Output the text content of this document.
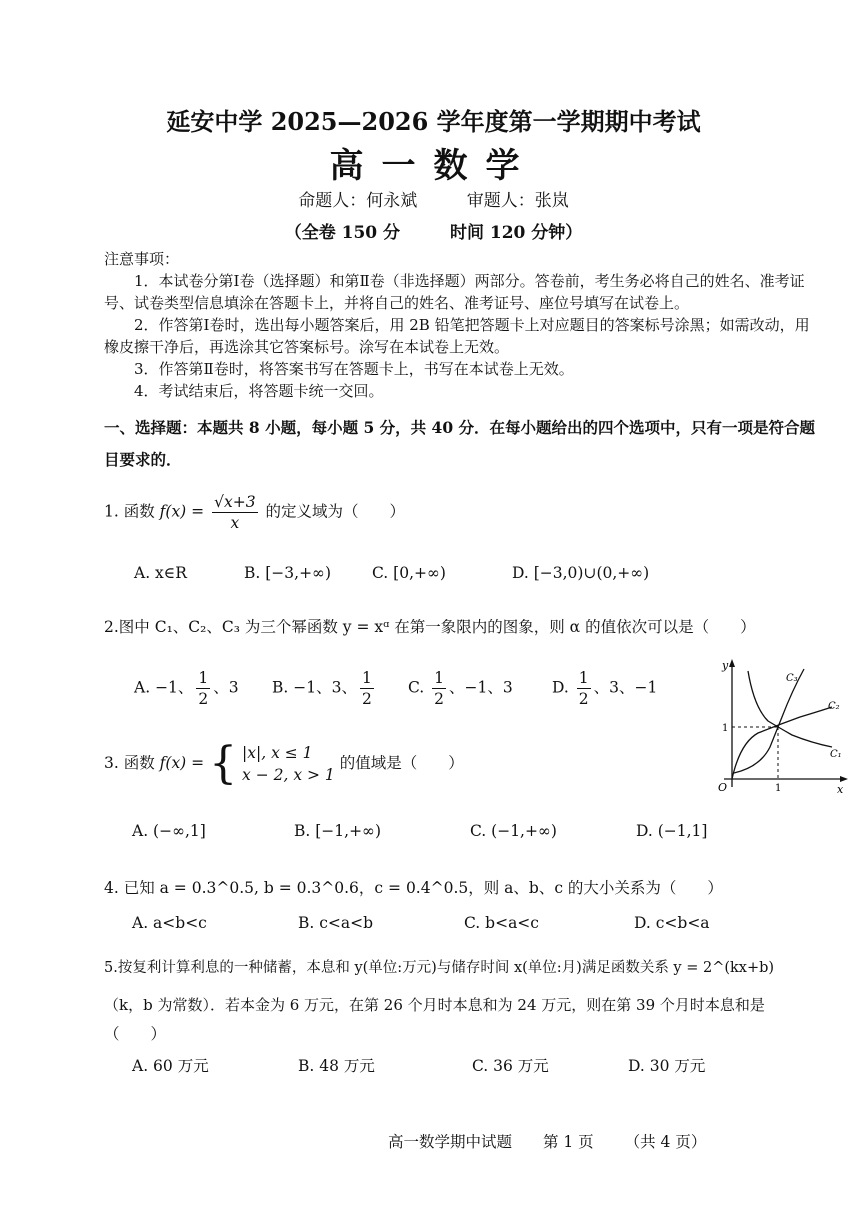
延安中学 2025—2026 学年度第一学期期中考试
高一数学
命题人：何永斌	审题人：张岚
（全卷 150 分	时间 120 分钟）
注意事项：
1．本试卷分第Ⅰ卷（选择题）和第Ⅱ卷（非选择题）两部分。答卷前，考生务必将自己的姓名、准考证号、试卷类型信息填涂在答题卡上，并将自己的姓名、准考证号、座位号填写在试卷上。
2．作答第Ⅰ卷时，选出每小题答案后，用 2B 铅笔把答题卡上对应题目的答案标号涂黑；如需改动，用橡皮擦干净后，再选涂其它答案标号。涂写在本试卷上无效。
3．作答第Ⅱ卷时，将答案书写在答题卡上，书写在本试卷上无效。
4．考试结束后，将答题卡统一交回。
一、选择题：本题共 8 小题，每小题 5 分，共 40 分．在每小题给出的四个选项中，只有一项是符合题目要求的．
1. 函数 $f(x) = \frac{√x+3}{x}$ 的定义域为（　　）
A. x∈R	B. [−3,+∞)	C. [0,+∞)	D. [−3,0)∪(0,+∞)
2.图中 C₁、C₂、C₃ 为三个幂函数 y = xᵅ 在第一象限内的图象，则 α 的值依次可以是（　　）
A. −1、 $\frac{1}{2}$ 、3 B. −1、3、 $\frac{1}{2} C$. $\frac{1}{2}$ 、−1、3	D. $\frac{1}{2}$ 、3、−1
y
x
O
1
1
C₃
C₂
C₁
3. 函数 f(x) = { |x|, x ≤ 1
x − 2, x > 1
的值域是（　　）
A. (−∞,1]	B. [−1,+∞)	C. (−1,+∞)	D. (−1,1]
4. 已知 a = 0.3^0.5, b = 0.3^0.6，c = 0.4^0.5，则 a、b、c 的大小关系为（　　）
A. a<b<c	B. c<a<b	C. b<a<c	D. c<b<a
5.按复利计算利息的一种储蓄，本息和 y(单位:万元)与储存时间 x(单位:月)满足函数关系 y = 2^(kx+b)
（k，b 为常数）．若本金为 6 万元，在第 26 个月时本息和为 24 万元，则在第 39 个月时本息和是
（　　）
A. 60 万元	B. 48 万元	C. 36 万元	D. 30 万元
高一数学期中试题 第 1 页 （共 4 页）
